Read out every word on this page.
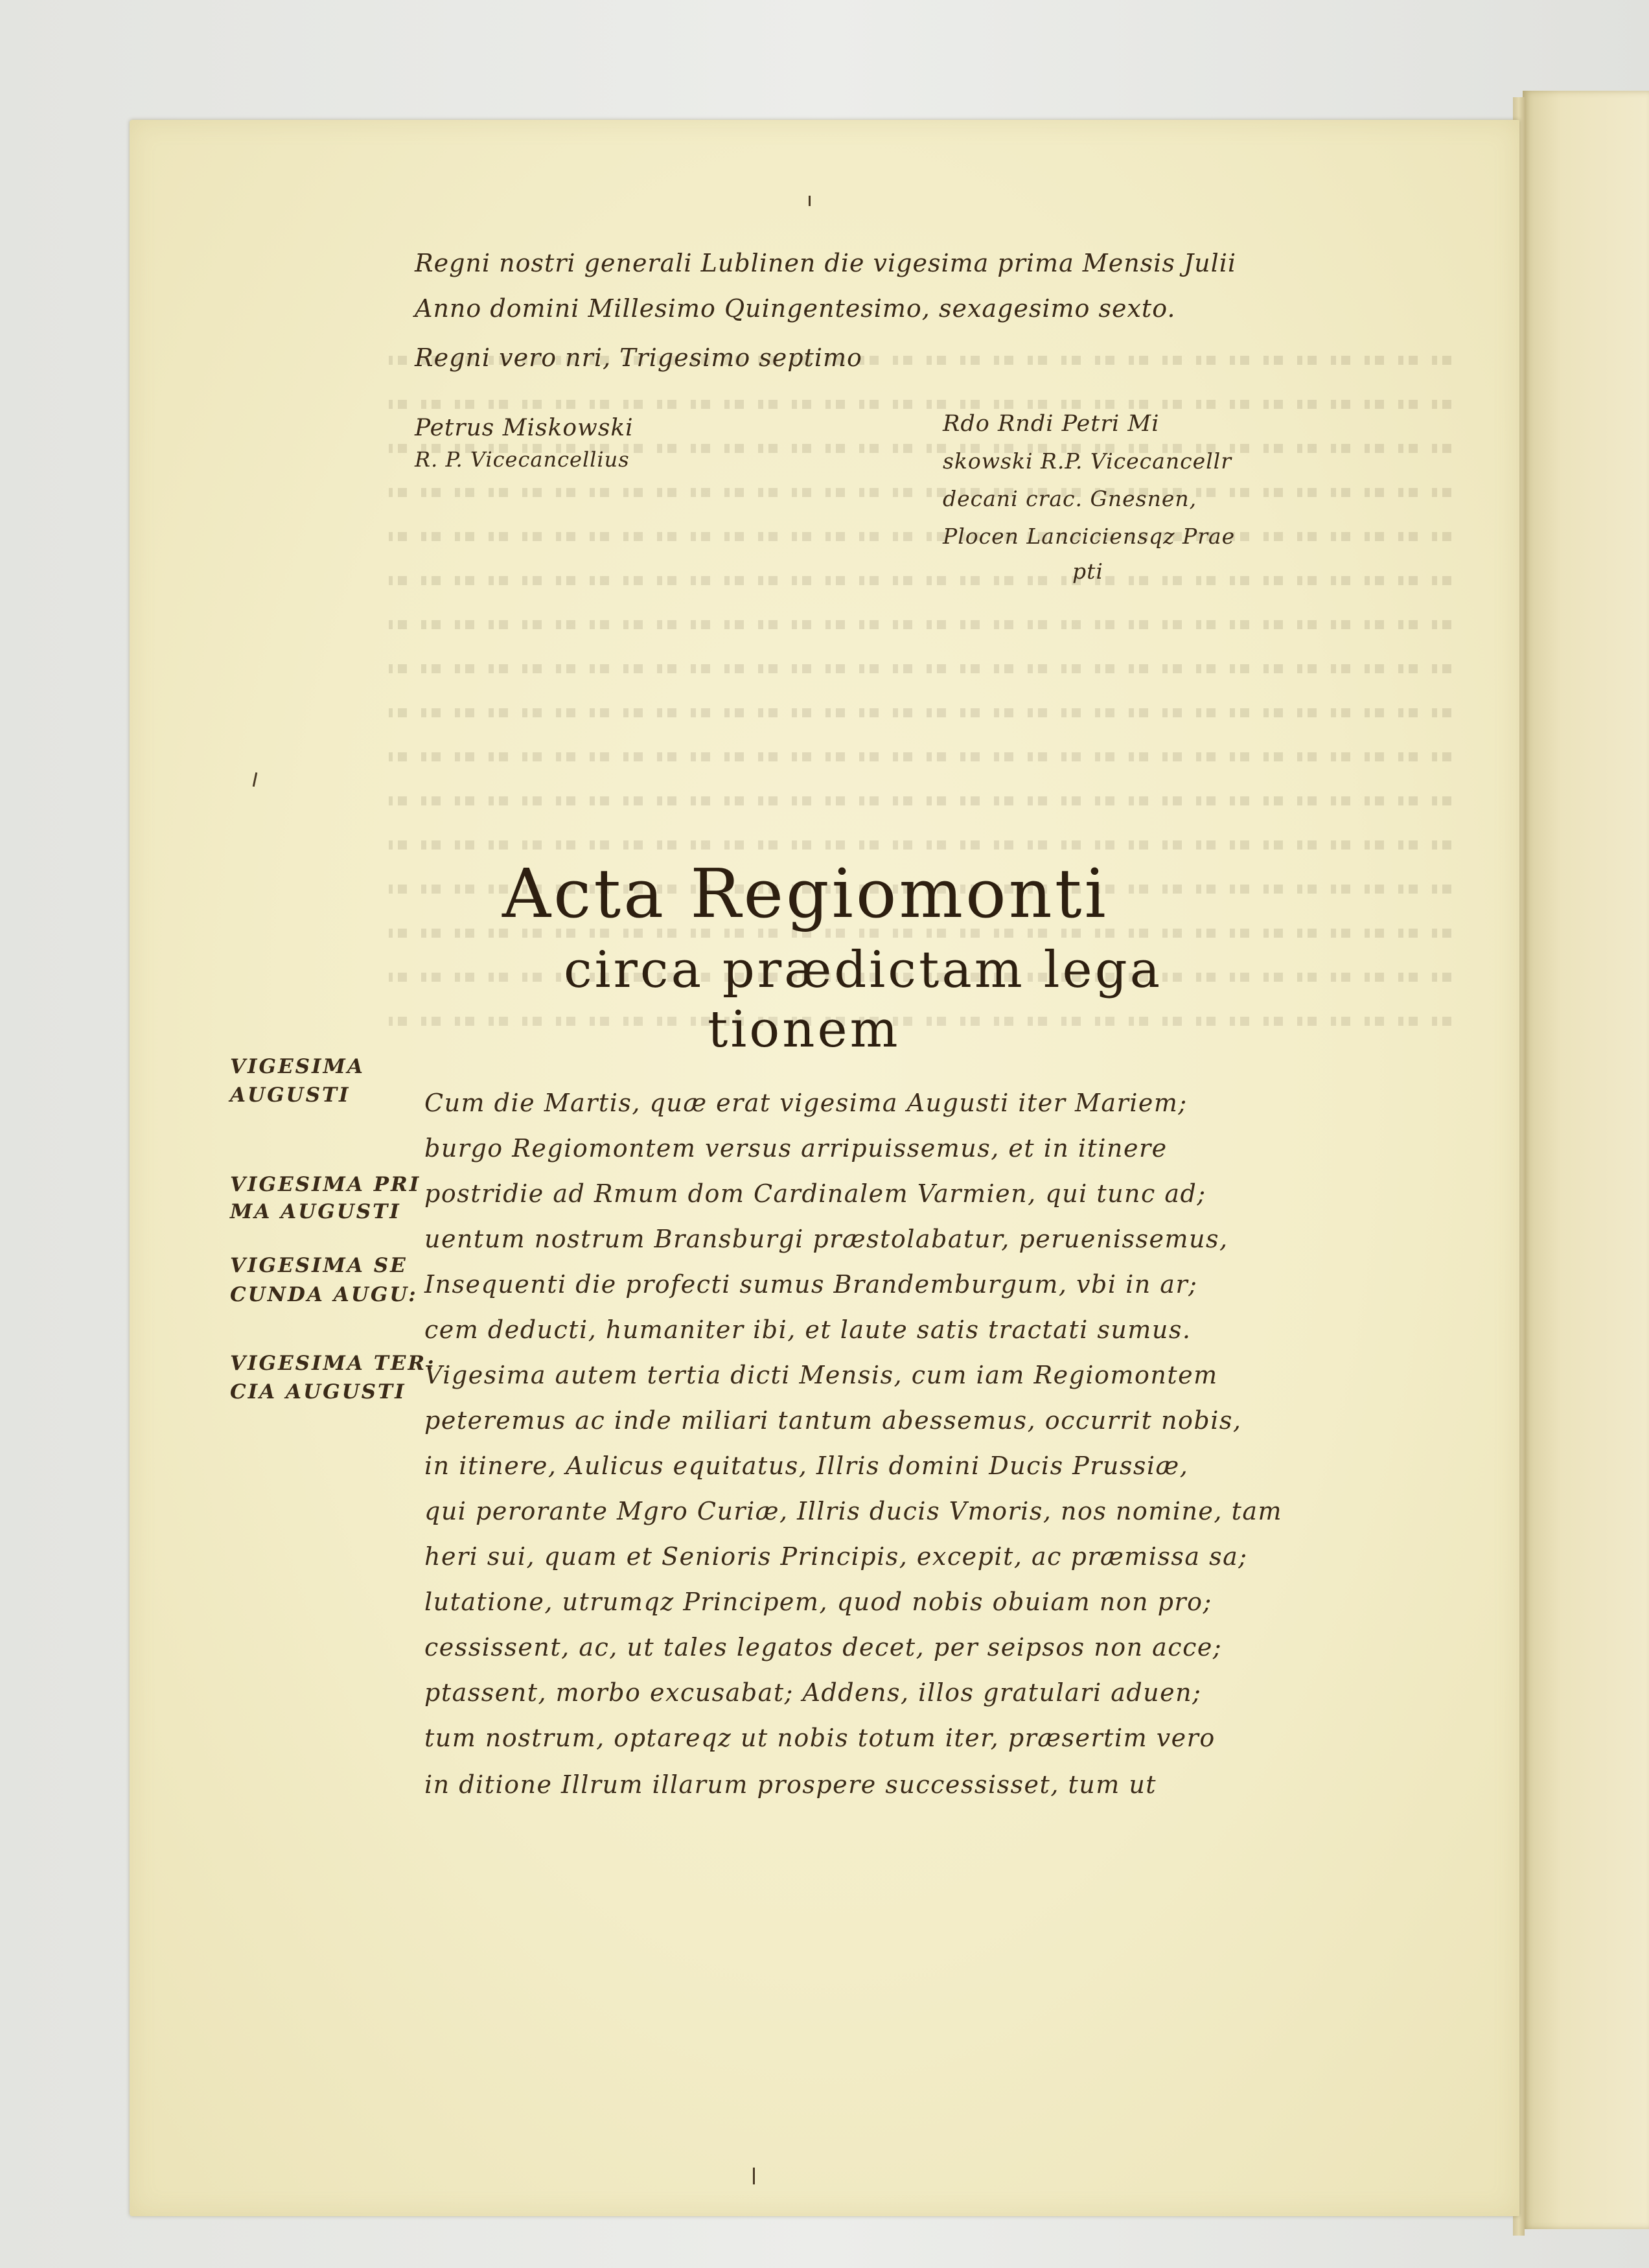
Regni nostri generali Lublinen die vigesima prima Mensis Julii
Anno domini Millesimo Quingentesimo, sexagesimo sexto.
Regni vero nri, Trigesimo septimo
Petrus Miskowski
R. P. Vicecancellius
Rdo Rndi Petri Mi
skowski R.P. Vicecancellr
decani crac. Gnesnen,
Plocen Lanciciensqz Prae
pti
Acta Regiomonti
circa prædictam lega
tionem
VIGESIMA
AUGUSTI
VIGESIMA PRI
MA AUGUSTI
VIGESIMA SE
CUNDA AUGU:
VIGESIMA TER:
CIA AUGUSTI
Cum die Martis, quæ erat vigesima Augusti iter Mariem;
burgo Regiomontem versus arripuissemus, et in itinere
postridie ad Rmum dom Cardinalem Varmien, qui tunc ad;
uentum nostrum Bransburgi præstolabatur, peruenissemus,
Insequenti die profecti sumus Brandemburgum, vbi in ar;
cem deducti, humaniter ibi, et laute satis tractati sumus.
Vigesima autem tertia dicti Mensis, cum iam Regiomontem
peteremus ac inde miliari tantum abessemus, occurrit nobis,
in itinere, Aulicus equitatus, Illris domini Ducis Prussiæ,
qui perorante Mgro Curiæ, Illris ducis Vmoris, nos nomine, tam
heri sui, quam et Senioris Principis, excepit, ac præmissa sa;
lutatione, utrumqz Principem, quod nobis obuiam non pro;
cessissent, ac, ut tales legatos decet, per seipsos non acce;
ptassent, morbo excusabat; Addens, illos gratulari aduen;
tum nostrum, optareqz ut nobis totum iter, præsertim vero
in ditione Illrum illarum prospere successisset, tum ut
